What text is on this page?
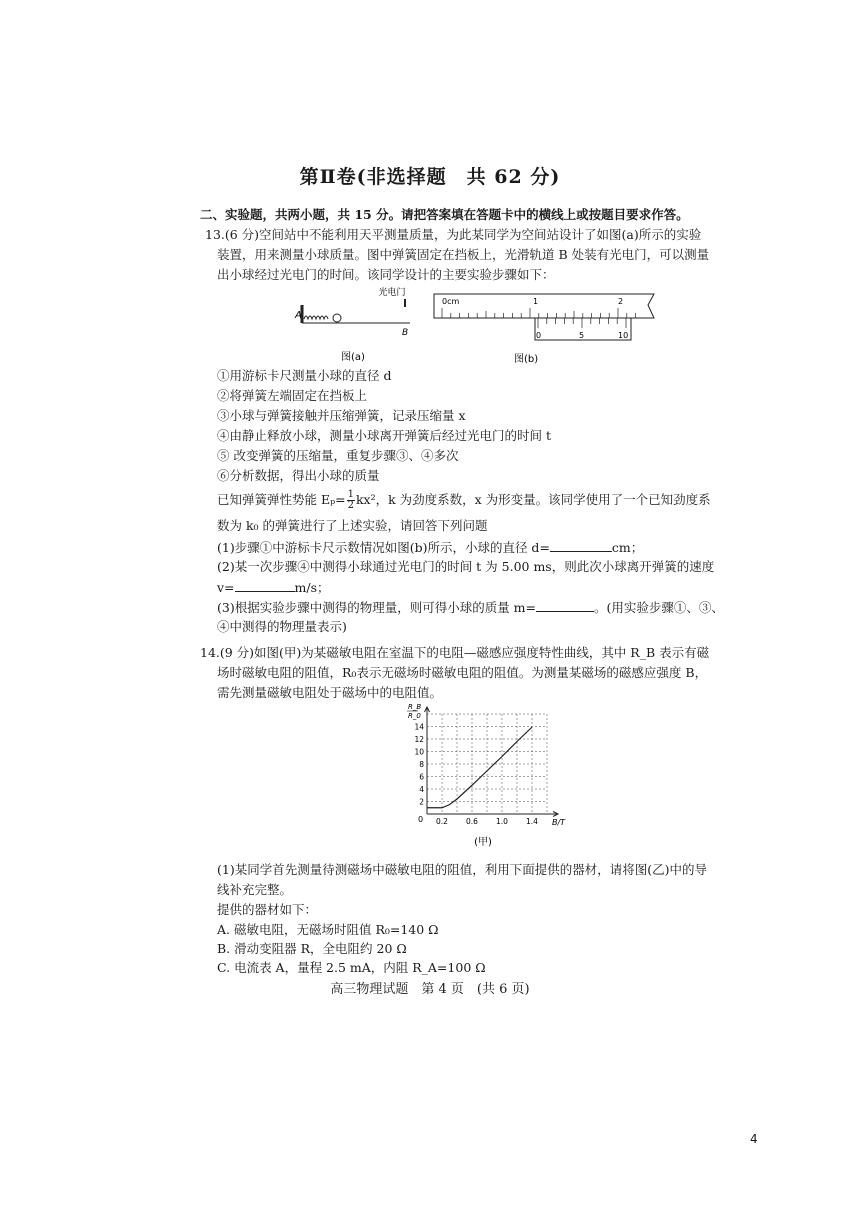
第Ⅱ卷(非选择题　共 62 分)
二、实验题，共两小题，共 15 分。请把答案填在答题卡中的横线上或按题目要求作答。
13.(6 分)空间站中不能利用天平测量质量，为此某同学为空间站设计了如图(a)所示的实验
装置，用来测量小球质量。图中弹簧固定在挡板上，光滑轨道 B 处装有光电门，可以测量
出小球经过光电门的时间。该同学设计的主要实验步骤如下：
光电门
A
B
图(a)
0cm	1	2
0	5	10
图(b)
①用游标卡尺测量小球的直径 d
②将弹簧左端固定在挡板上
③小球与弹簧接触并压缩弹簧，记录压缩量 x
④由静止释放小球，测量小球离开弹簧后经过光电门的时间 t
⑤ 改变弹簧的压缩量，重复步骤③、④多次
⑥分析数据，得出小球的质量
已知弹簧弹性势能 $E_p= \frac{1}{2} kx^2$，k 为劲度系数，x 为形变量。该同学使用了一个已知劲度系
数为 k₀ 的弹簧进行了上述实验，请回答下列问题
(1)步骤①中游标卡尺示数情况如图(b)所示，小球的直径 d=	cm；
(2)某一次步骤④中测得小球通过光电门的时间 t 为 5.00 ms，则此次小球离开弹簧的速度
v=	m/s；
(3)根据实验步骤中测得的物理量，则可得小球的质量 m=	。(用实验步骤①、③、
④中测得的物理量表示)
14.(9 分)如图(甲)为某磁敏电阻在室温下的电阻—磁感应强度特性曲线，其中 R_B 表示有磁
场时磁敏电阻的阻值，R₀表示无磁场时磁敏电阻的阻值。为测量某磁场的磁感应强度 B，
需先测量磁敏电阻处于磁场中的电阻值。
2
4
6
8
10
12
14
0.2 0.6 1.0 1.4
R_B
R_0
B/T
0
(甲)
(1)某同学首先测量待测磁场中磁敏电阻的阻值，利用下面提供的器材，请将图(乙)中的导
线补充完整。
提供的器材如下：
A. 磁敏电阻，无磁场时阻值 R₀=140 Ω
B. 滑动变阻器 R，全电阻约 20 Ω
C. 电流表 A，量程 2.5 mA，内阻 R_A=100 Ω
高三物理试题　第 4 页　(共 6 页)
4
